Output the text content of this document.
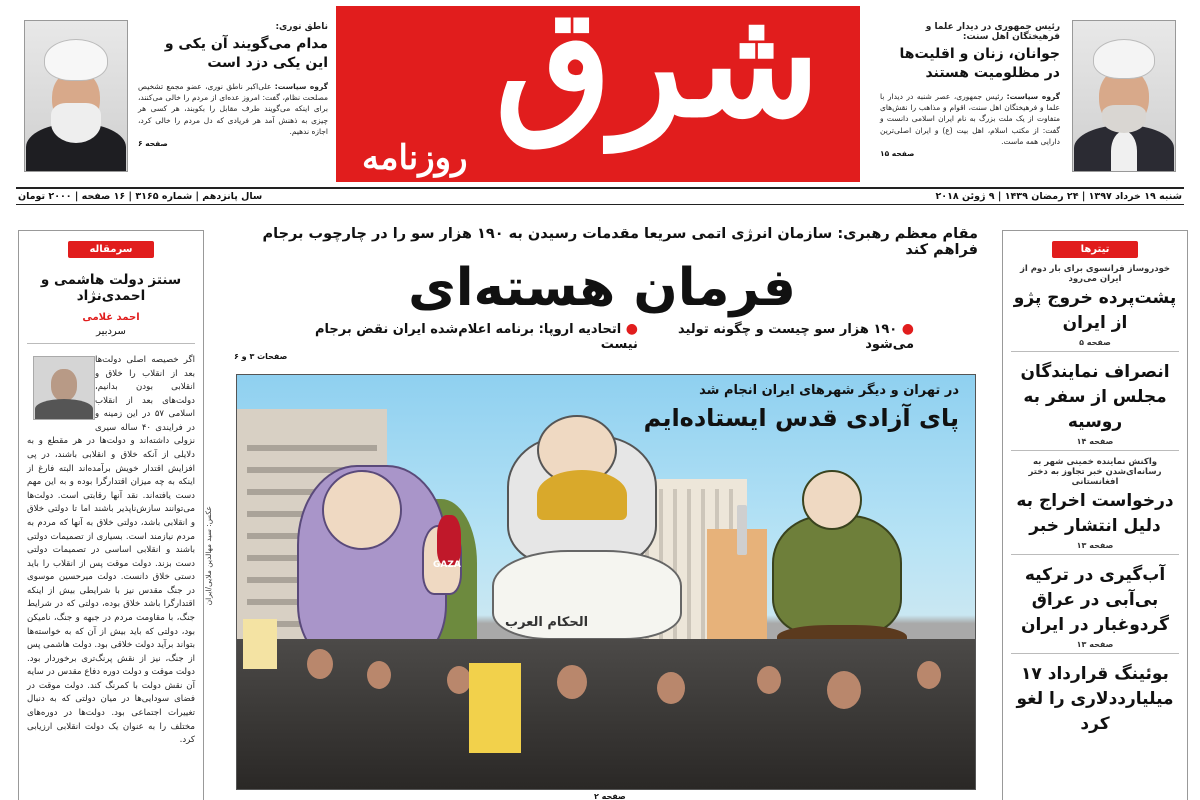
رئیس جمهوری در دیدار علما و فرهیختگان اهل سنت:
جوانان، زنان و اقلیت‌ها در مظلومیت هستند
گروه سیاست: رئیس جمهوری، عصر شنبه در دیدار با علما و فرهیختگان اهل سنت، اقوام و مذاهب را نقش‌های متفاوت از یک ملت بزرگ به نام ایران اسلامی دانست و گفت: از مکتب اسلام، اهل بیت (ع) و ایران اصلی‌ترین دارایی همه ماست.
صفحه ۱۵
شرق
روزنامه
ناطق نوری:
مدام می‌گویند آن یکی و این یکی دزد است
گروه سیاست: علی‌اکبر ناطق نوری، عضو مجمع تشخیص مصلحت نظام، گفت: امروز عده‌ای از مردم را خالی می‌کنند، برای اینکه می‌گویند طرف مقابل را بکوبند، هر کسی هر چیزی به ذهنش آمد هر فریادی که دل مردم را خالی کرد، اجازه ندهیم.
صفحه ۶
شنبه ۱۹ خرداد ۱۳۹۷ | ۲۴ رمضان ۱۴۳۹ | ۹ ژوئن ۲۰۱۸
سال پانزدهم | شماره ۳۱۶۵ | ۱۶ صفحه | ۲۰۰۰ تومان
تیترها
خودروساز فرانسوی برای بار دوم از ایران می‌رود
پشت‌پرده خروج پژو از ایران
صفحه ۵
انصراف نمایندگان مجلس از سفر به روسیه
صفحه ۱۴
واکنش نماینده خمینی شهر به رسانه‌ای‌شدن خبر تجاوز به دختر افغانستانی
درخواست اخراج به دلیل انتشار خبر
صفحه ۱۳
آب‌گیری در ترکیه بی‌آبی در عراق گردوغبار در ایران
صفحه ۱۳
بوئینگ قرارداد ۱۷ میلیارددلاری را لغو کرد
سرمقاله
سنتز دولت هاشمی و احمدی‌نژاد
احمد غلامی
سردبیر
اگر خصیصه اصلی دولت‌ها بعد از انقلاب را خلاق و انقلابی بودن بدانیم، دولت‌های بعد از انقلاب اسلامی ۵۷ در این زمینه و در فرایندی ۴۰ ساله سیری نزولی داشته‌اند و دولت‌ها در هر مقطع و به دلایلی از آنکه خلاق و انقلابی باشند، در پی افزایش اقتدار خویش برآمده‌اند البته فارغ از اینکه به چه میزان اقتدارگرا بوده و به این مهم دست یافته‌اند. نقد آنها رقابتی است. دولت‌ها می‌توانند سازش‌ناپذیر باشند اما تا دولتی خلاق و انقلابی باشد، دولتی خلاق به آنها که مردم به مردم نیازمند است. بسیاری از تصمیمات دولتی باشند و انقلابی اساسی در تصمیمات دولتی دست بزند. دولت موقت پس از انقلاب را باید دستی خلاق دانست. دولت میرحسین موسوی در جنگ مقدس نیز با شرایطی بیش از اینکه اقتدارگرا باشد خلاق بوده، دولتی که در شرایط جنگ، با مقاومت مردم در جبهه و جنگ، نامیکن بود، دولتی که باید بیش از آن که به خواسته‌ها بتواند برآید دولت خلاقی بود. دولت هاشمی پس از جنگ، نیز از نقش پرنگ‌تری برخوردار بود. دولت موقت و دولت دوره دفاع مقدس در سایه آن نقش دولت با کمرنگ کند. دولت موقت در فضای سودایی‌ها در میان دولتی که به دنبال تغییرات اجتماعی بود. دولت‌ها در دوره‌های مختلف را به عنوان یک دولت انقلابی ارزیابی کرد.
مقام معظم رهبری: سازمان انرژی اتمی سریعا مقدمات رسیدن به ۱۹۰ هزار سو را در چارچوب برجام فراهم کند
فرمان هسته‌ای
● ۱۹۰ هزار سو چیست و چگونه تولید می‌شود
● اتحادیه اروپا: برنامه اعلام‌شده ایران نقض برجام نیست
صفحات ۳ و ۶
الحکام العرب
GAZA
در تهران و دیگر شهرهای ایران انجام شد
پای آزادی قدس ایستاده‌ایم
عکس: سید مهالدین ملایی/ایران
صفحه ۲
